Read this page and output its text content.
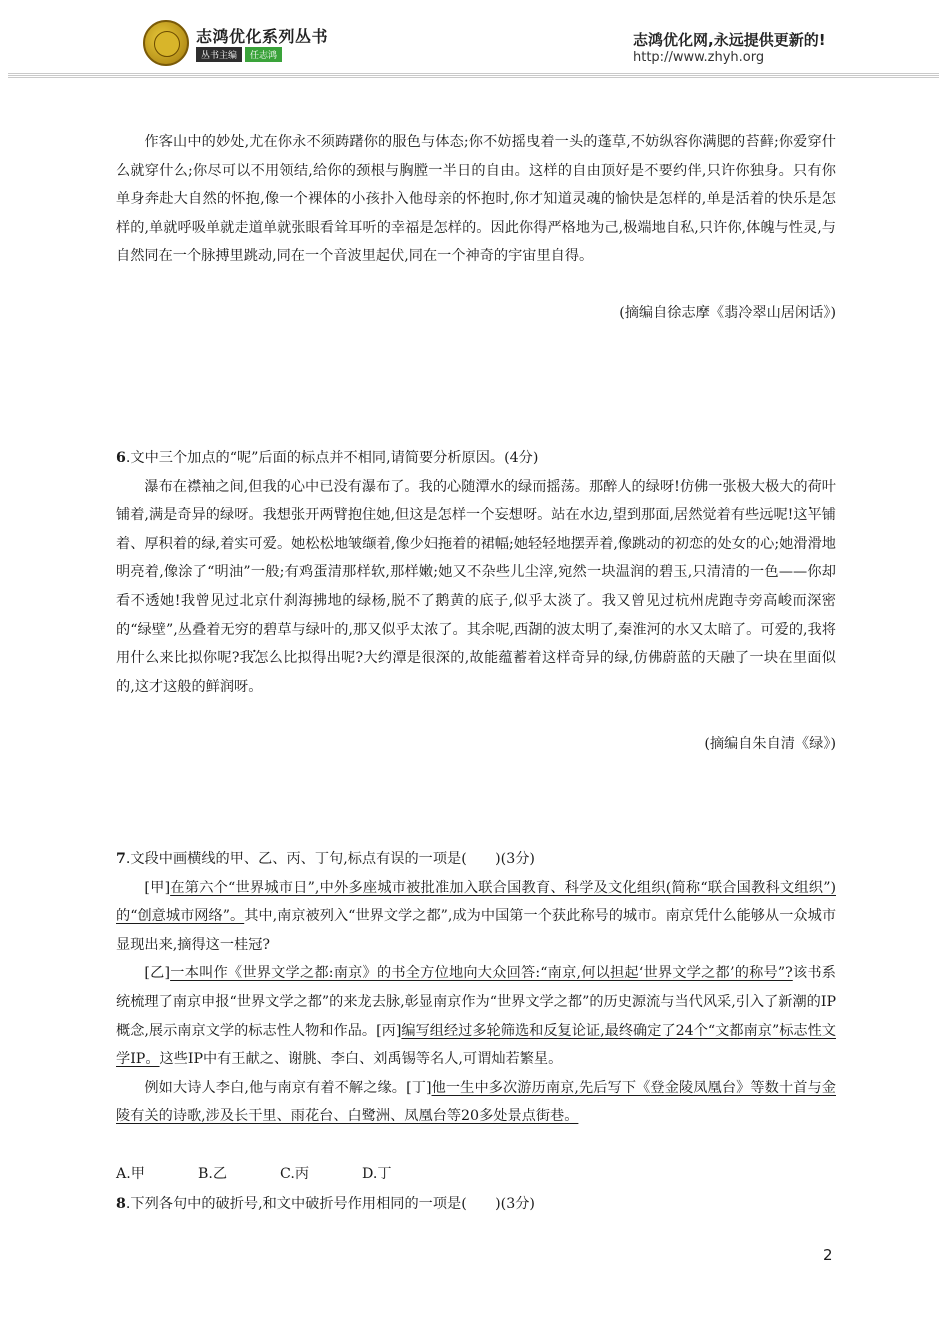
志鸿优化系列丛书
丛书主编 任志鸿
志鸿优化网,永远提供更新的!
http://www.zhyh.org

作客山中的妙处,尤在你永不须踌躇你的服色与体态;你不妨摇曳着一头的蓬草,不妨纵容你满腮的苔藓;你爱穿什么就穿什么;你尽可以不用领结,给你的颈根与胸膛一半日的自由。这样的自由顶好是不要约伴,只许你独身。只有你单身奔赴大自然的怀抱,像一个裸体的小孩扑入他母亲的怀抱时,你才知道灵魂的愉快是怎样的,单是活着的快乐是怎样的,单就呼吸单就走道单就张眼看耸耳听的幸福是怎样的。因此你得严格地为己,极端地自私,只许你,体魄与性灵,与自然同在一个脉搏里跳动,同在一个音波里起伏,同在一个神奇的宇宙里自得。

(摘编自徐志摩《翡冷翠山居闲话》)
6.文中三个加点的“呢”后面的标点并不相同,请简要分析原因。(4分)

瀑布在襟袖之间,但我的心中已没有瀑布了。我的心随潭水的绿而摇荡。那醉人的绿呀!仿佛一张极大极大的荷叶铺着,满是奇异的绿呀。我想张开两臂抱住她,但这是怎样一个妄想呀。站在水边,望到那面,居然觉着有些远. 呢!这平铺着、厚积着的绿,着实可爱。她松松地皱缬着,像少妇拖着的裙幅;她轻轻地摆弄着,像跳动的初恋的处女的心;她滑滑地明亮着,像涂了“明油”一般;有鸡蛋清那样软,那样嫩;她又不杂些儿尘滓,宛然一块温润的碧玉,只清清的一色——你却看不透她!我曾见过北京什刹海拂地的绿杨,脱不了鹅黄的底子,似乎太淡了。我又曾见过杭州虎跑寺旁高峻而深密的“绿壁”,丛叠着无穷的碧草与绿叶的,那又似乎太浓了。其余. 呢,西湖的波太明了,秦淮河的水又太暗了。可爱的,我将用什么来比拟你. 呢?我怎么比拟得出呢?大约潭是很深的,故能蕴蓄着这样奇异的绿,仿佛蔚蓝的天融了一块在里面似的,这才这般的鲜润呀。

(摘编自朱自清《绿》)
7.文段中画横线的甲、乙、丙、丁句,标点有误的一项是(　　)(3分)

[甲]在第六个“世界城市日”,中外多座城市被批准加入联合国教育、科学及文化组织(简称“联合国教科文组织”)的“创意城市网络”。其中,南京被列入“世界文学之都”,成为中国第一个获此称号的城市。南京凭什么能够从一众城市显现出来,摘得这一桂冠?

[乙]一本叫作《世界文学之都:南京》的书全方位地向大众回答:“南京,何以担起‘世界文学之都’的称号”?该书系统梳理了南京申报“世界文学之都”的来龙去脉,彰显南京作为“世界文学之都”的历史源流与当代风采,引入了新潮的IP概念,展示南京文学的标志性人物和作品。[丙]编写组经过多轮筛选和反复论证,最终确定了24个“文都南京”标志性文学IP。这些IP中有王献之、谢朓、李白、刘禹锡等名人,可谓灿若繁星。

例如大诗人李白,他与南京有着不解之缘。[丁]他一生中多次游历南京,先后写下《登金陵凤凰台》等数十首与金陵有关的诗歌,涉及长干里、雨花台、白鹭洲、凤凰台等20多处景点街巷。

A.甲	B.乙	C.丙	D.丁
8.下列各句中的破折号,和文中破折号作用相同的一项是(　　)(3分)
2
